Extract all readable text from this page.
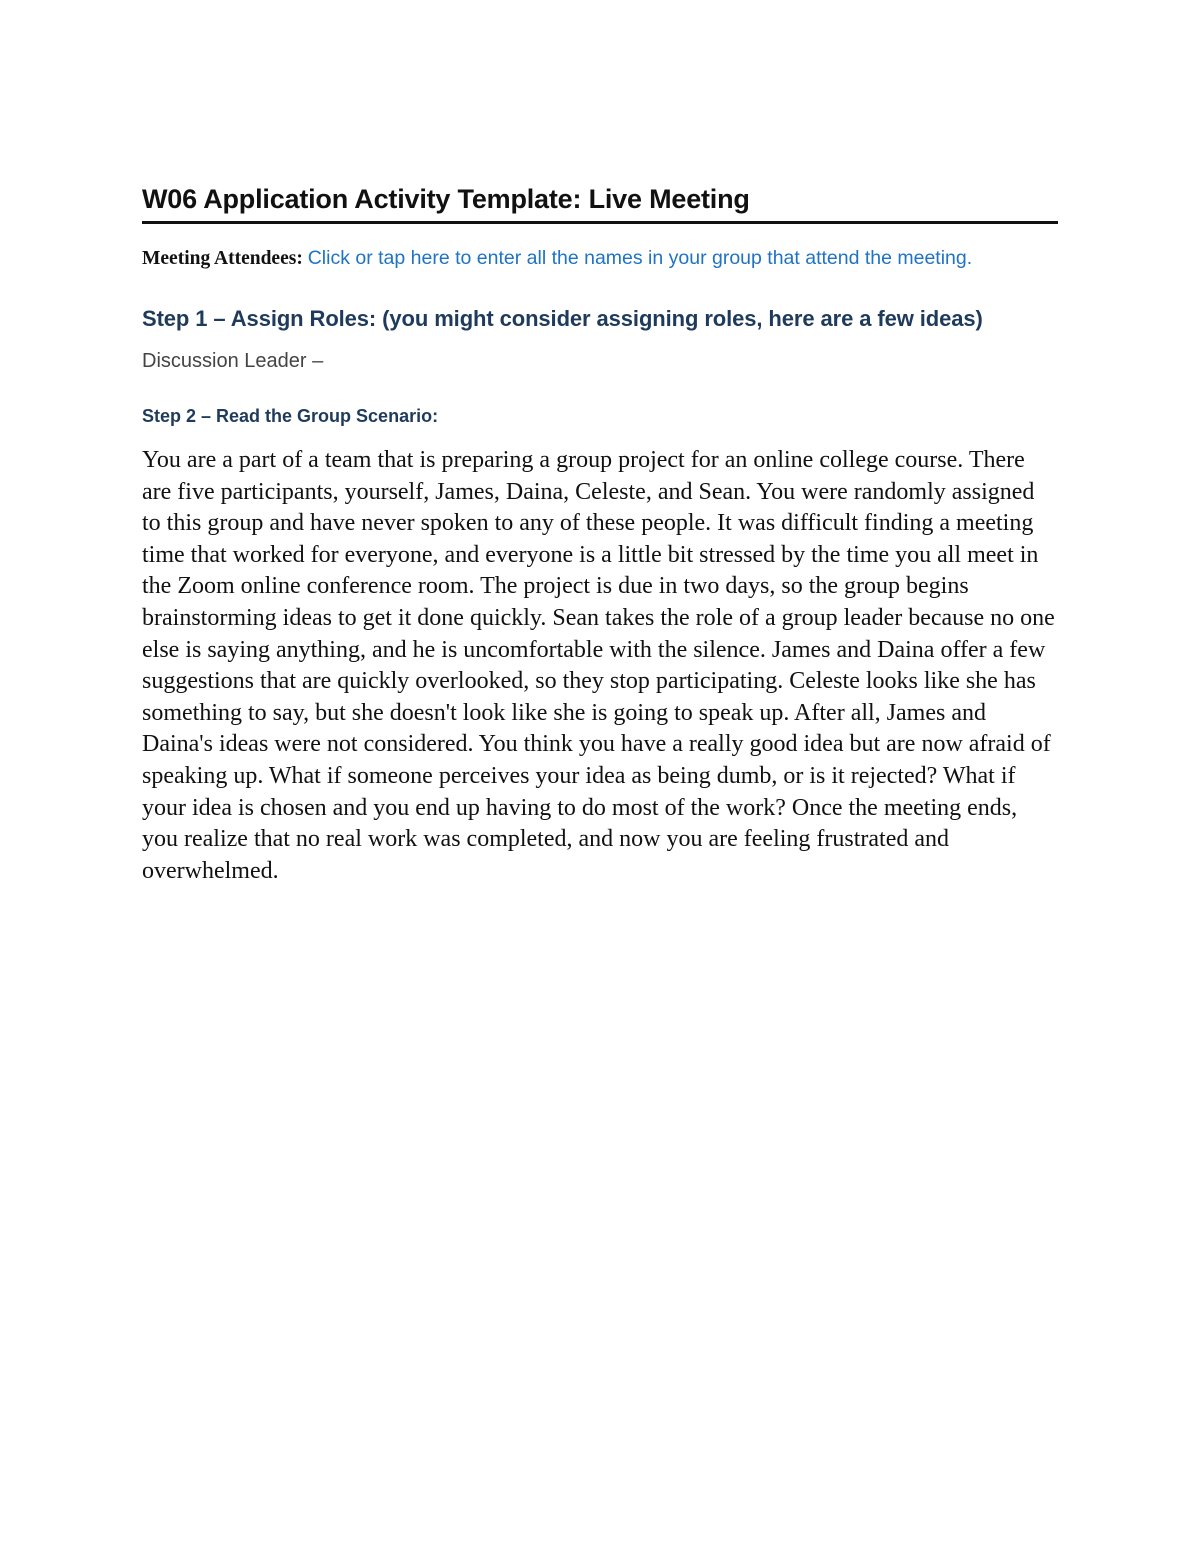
W06 Application Activity Template: Live Meeting
Meeting Attendees: Click or tap here to enter all the names in your group that attend the meeting.
Step 1 – Assign Roles: (you might consider assigning roles, here are a few ideas)
Discussion Leader –
Step 2 – Read the Group Scenario:
You are a part of a team that is preparing a group project for an online college course. There are five participants, yourself, James, Daina, Celeste, and Sean. You were randomly assigned to this group and have never spoken to any of these people. It was difficult finding a meeting time that worked for everyone, and everyone is a little bit stressed by the time you all meet in the Zoom online conference room. The project is due in two days, so the group begins brainstorming ideas to get it done quickly. Sean takes the role of a group leader because no one else is saying anything, and he is uncomfortable with the silence. James and Daina offer a few suggestions that are quickly overlooked, so they stop participating. Celeste looks like she has something to say, but she doesn't look like she is going to speak up. After all, James and Daina's ideas were not considered. You think you have a really good idea but are now afraid of speaking up. What if someone perceives your idea as being dumb, or is it rejected? What if your idea is chosen and you end up having to do most of the work? Once the meeting ends, you realize that no real work was completed, and now you are feeling frustrated and overwhelmed.
